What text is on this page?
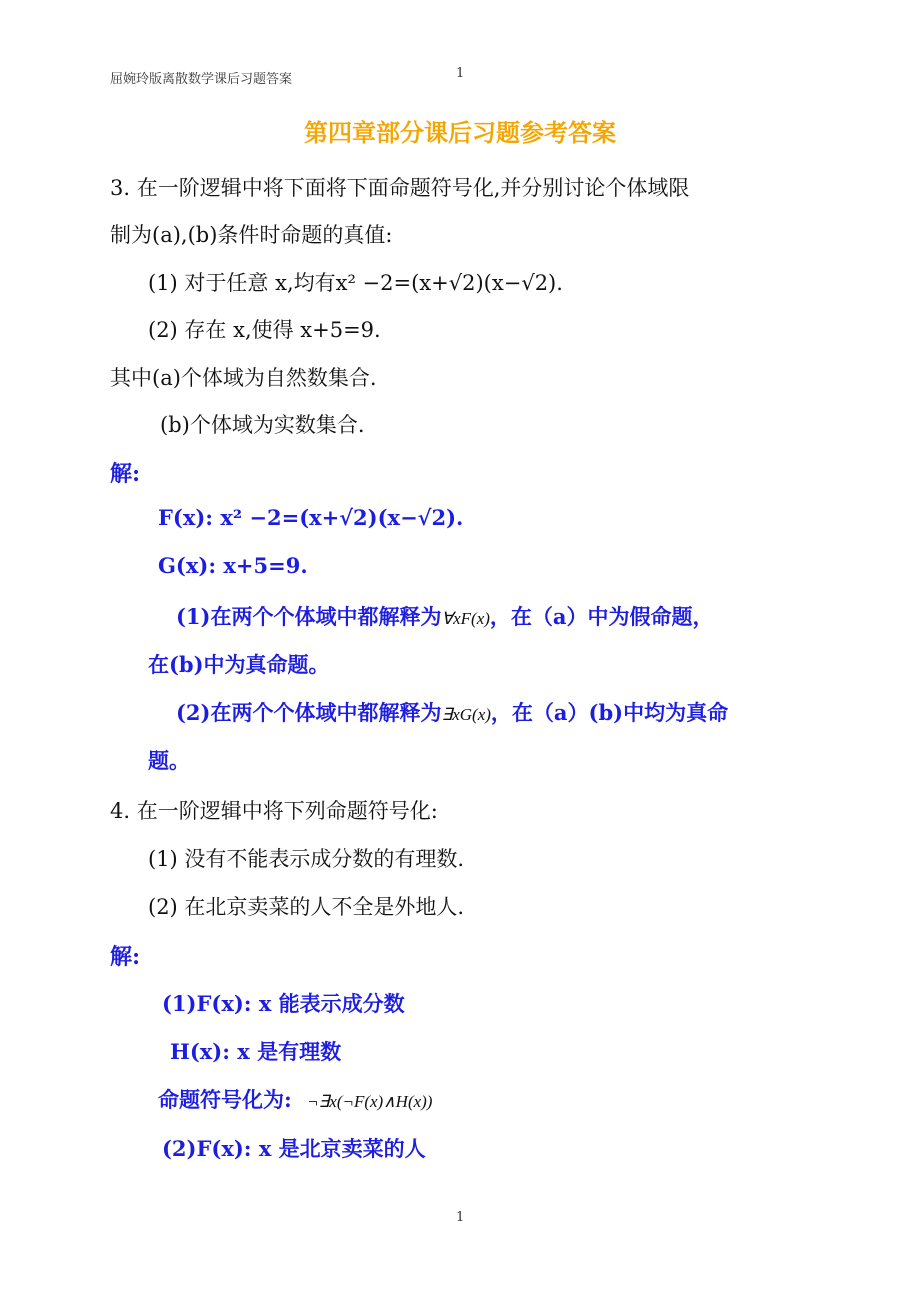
屈婉玲版离散数学课后习题答案	1
第四章部分课后习题参考答案
3. 在一阶逻辑中将下面将下面命题符号化,并分别讨论个体域限
制为(a),(b)条件时命题的真值:
(1) 对于任意 x,均有x² −2=(x+√2)(x−√2).
(2) 存在 x,使得 x+5=9.
其中(a)个体域为自然数集合.
(b)个体域为实数集合.
解:
F(x): x² −2=(x+√2)(x−√2).
G(x): x+5=9.
(1)在两个个体域中都解释为∀xF(x)，在（a）中为假命题，
在(b)中为真命题。
(2)在两个个体域中都解释为∃xG(x)，在（a）(b)中均为真命
题。
4. 在一阶逻辑中将下列命题符号化:
(1) 没有不能表示成分数的有理数.
(2) 在北京卖菜的人不全是外地人.
解:
(1)F(x): x 能表示成分数
H(x): x 是有理数
命题符号化为: ¬∃x(¬F(x)∧H(x))
(2)F(x): x 是北京卖菜的人
1
